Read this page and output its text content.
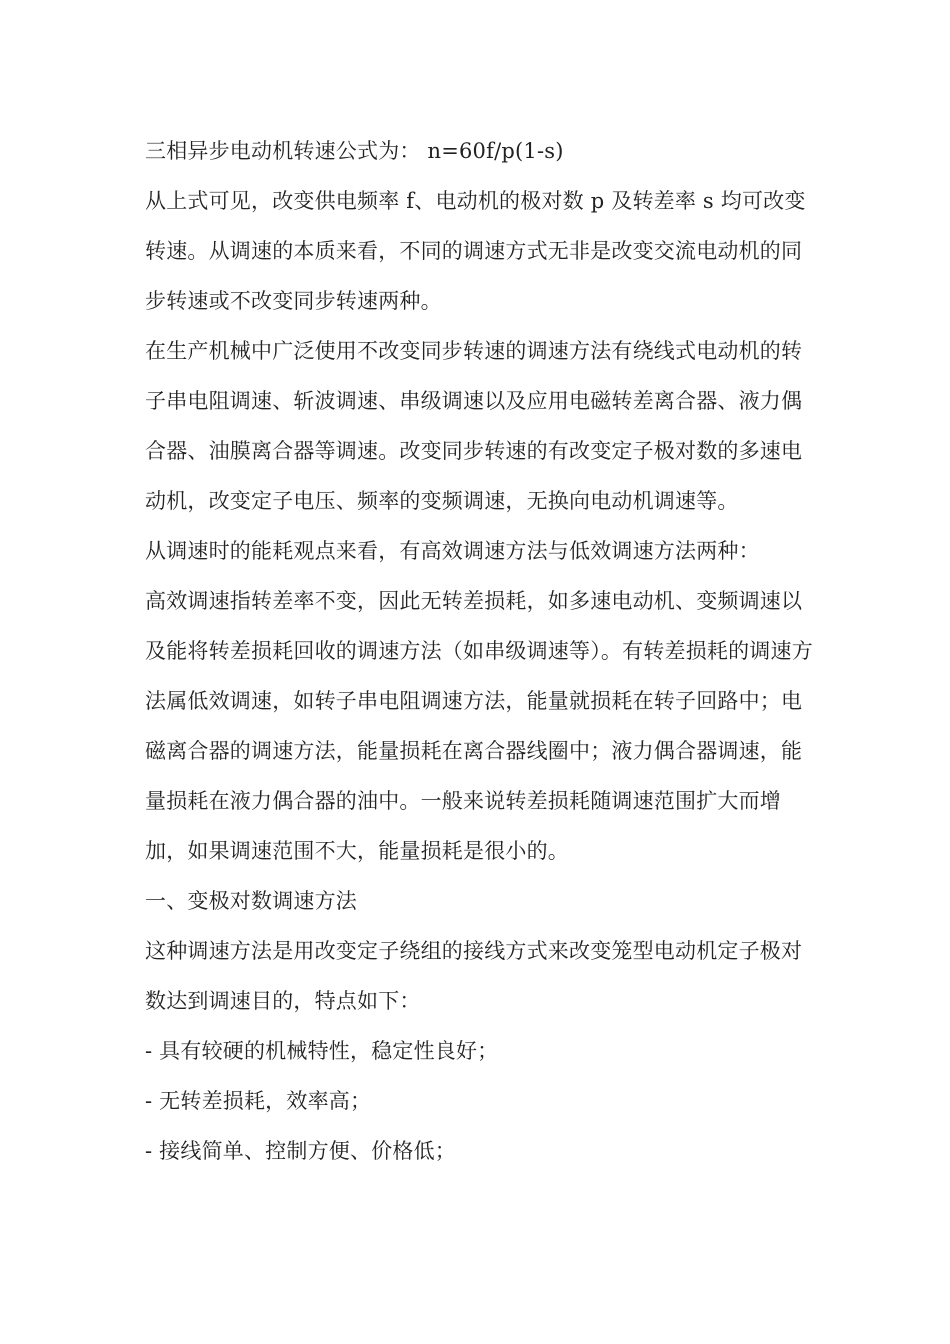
三相异步电动机转速公式为： n=60f/p(1-s)

从上式可见，改变供电频率 f、电动机的极对数 p 及转差率 s 均可改变转速。从调速的本质来看，不同的调速方式无非是改变交流电动机的同步转速或不改变同步转速两种。

在生产机械中广泛使用不改变同步转速的调速方法有绕线式电动机的转子串电阻调速、斩波调速、串级调速以及应用电磁转差离合器、液力偶合器、油膜离合器等调速。改变同步转速的有改变定子极对数的多速电动机，改变定子电压、频率的变频调速，无换向电动机调速等。

从调速时的能耗观点来看，有高效调速方法与低效调速方法两种：

高效调速指转差率不变，因此无转差损耗，如多速电动机、变频调速以及能将转差损耗回收的调速方法（如串级调速等）。有转差损耗的调速方法属低效调速，如转子串电阻调速方法，能量就损耗在转子回路中；电磁离合器的调速方法，能量损耗在离合器线圈中；液力偶合器调速，能量损耗在液力偶合器的油中。一般来说转差损耗随调速范围扩大而增加，如果调速范围不大，能量损耗是很小的。

一、变极对数调速方法

这种调速方法是用改变定子绕组的接线方式来改变笼型电动机定子极对数达到调速目的，特点如下：

- 具有较硬的机械特性，稳定性良好；

- 无转差损耗，效率高；

- 接线简单、控制方便、价格低；
